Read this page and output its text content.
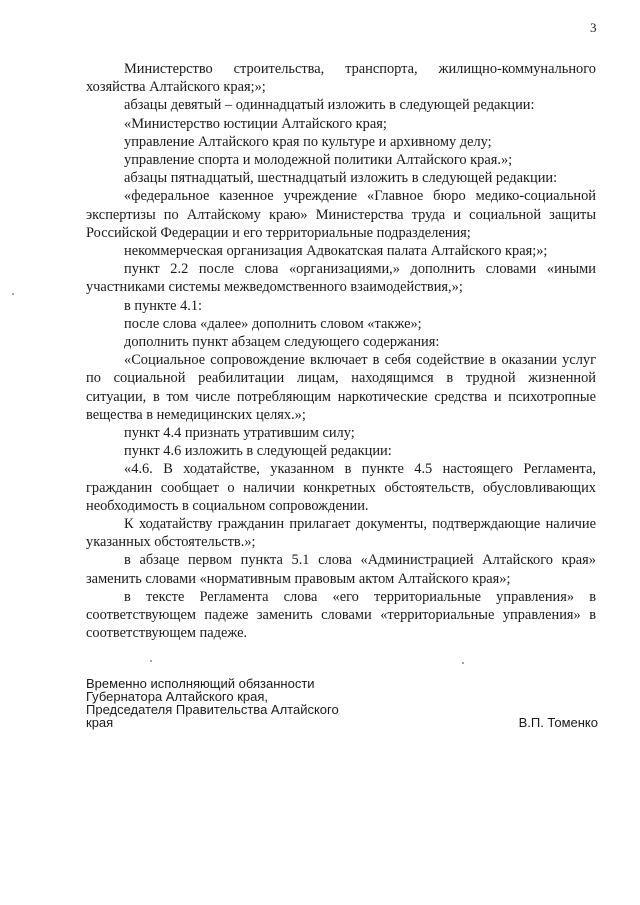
3

Министерство строительства, транспорта, жилищно-коммунального хозяйства Алтайского края;»;

абзацы девятый – одиннадцатый изложить в следующей редакции:

«Министерство юстиции Алтайского края;

управление Алтайского края по культуре и архивному делу;

управление спорта и молодежной политики Алтайского края.»;

абзацы пятнадцатый, шестнадцатый изложить в следующей редакции:

«федеральное казенное учреждение «Главное бюро медико-социальной экспертизы по Алтайскому краю» Министерства труда и социальной защиты Российской Федерации и его территориальные подразделения;

некоммерческая организация Адвокатская палата Алтайского края;»;

пункт 2.2 после слова «организациями,» дополнить словами «иными участниками системы межведомственного взаимодействия,»;

в пункте 4.1:

после слова «далее» дополнить словом «также»;

дополнить пункт абзацем следующего содержания:

«Социальное сопровождение включает в себя содействие в оказании услуг по социальной реабилитации лицам, находящимся в трудной жизненной ситуации, в том числе потребляющим наркотические средства и психотропные вещества в немедицинских целях.»;

пункт 4.4 признать утратившим силу;

пункт 4.6 изложить в следующей редакции:

«4.6. В ходатайстве, указанном в пункте 4.5 настоящего Регламента, гражданин сообщает о наличии конкретных обстоятельств, обусловливающих необходимость в социальном сопровождении.

К ходатайству гражданин прилагает документы, подтверждающие наличие указанных обстоятельств.»;

в абзаце первом пункта 5.1 слова «Администрацией Алтайского края» заменить словами «нормативным правовым актом Алтайского края»;

в тексте Регламента слова «его территориальные управления» в соответствующем падеже заменить словами «территориальные управления» в соответствующем падеже.

Временно исполняющий обязанности Губернатора Алтайского края, Председателя Правительства Алтайского края	В.П. Томенко
